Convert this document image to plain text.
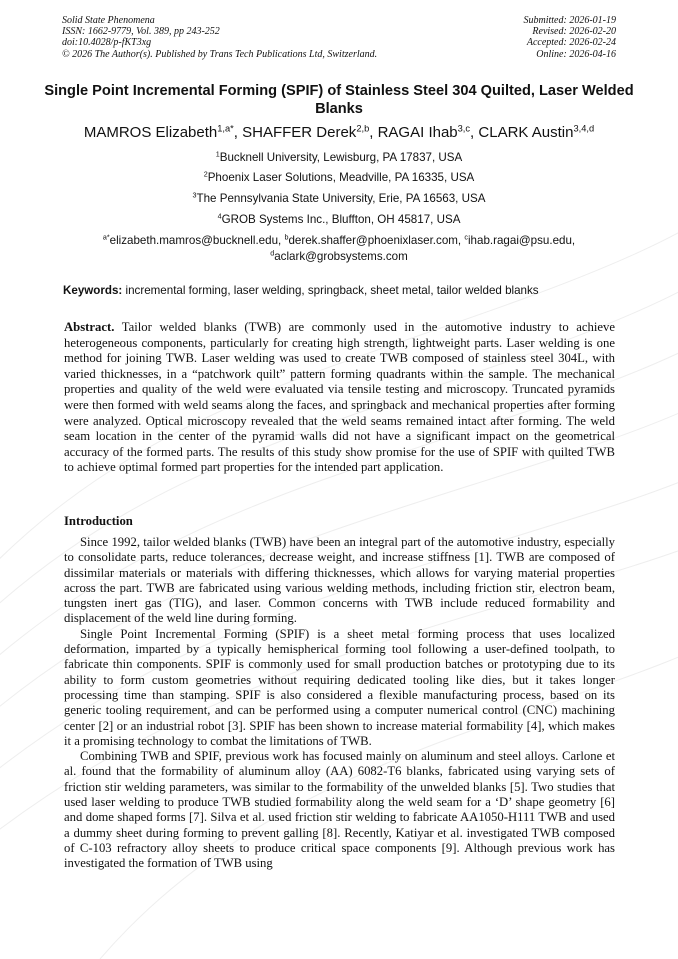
Solid State Phenomena
ISSN: 1662-9779, Vol. 389, pp 243-252
doi:10.4028/p-fKT3xg
© 2026 The Author(s). Published by Trans Tech Publications Ltd, Switzerland.
Submitted: 2026-01-19
Revised: 2026-02-20
Accepted: 2026-02-24
Online: 2026-04-16
Single Point Incremental Forming (SPIF) of Stainless Steel 304 Quilted, Laser Welded Blanks
MAMROS Elizabeth$^{1,a*}$, SHAFFER Derek$^{2,b}$, RAGAI Ihab$^{3,c}$, CLARK Austin$^{3,4,d}$
$^1$Bucknell University, Lewisburg, PA 17837, USA
$^2$Phoenix Laser Solutions, Meadville, PA 16335, USA
$^3$The Pennsylvania State University, Erie, PA 16563, USA
$^4$GROB Systems Inc., Bluffton, OH 45817, USA
$^{a*}$elizabeth.mamros@bucknell.edu, $^b$derek.shaffer@phoenixlaser.com, $^c$ihab.ragai@psu.edu,
$^d$aclark@grobsystems.com
Keywords: incremental forming, laser welding, springback, sheet metal, tailor welded blanks
Abstract. Tailor welded blanks (TWB) are commonly used in the automotive industry to achieve heterogeneous components, particularly for creating high strength, lightweight parts. Laser welding is one method for joining TWB. Laser welding was used to create TWB composed of stainless steel 304L, with varied thicknesses, in a “patchwork quilt” pattern forming quadrants within the sample. The mechanical properties and quality of the weld were evaluated via tensile testing and microscopy. Truncated pyramids were then formed with weld seams along the faces, and springback and mechanical properties after forming were analyzed. Optical microscopy revealed that the weld seams remained intact after forming. The weld seam location in the center of the pyramid walls did not have a significant impact on the geometrical accuracy of the formed parts. The results of this study show promise for the use of SPIF with quilted TWB to achieve optimal formed part properties for the intended part application.
Introduction

Since 1992, tailor welded blanks (TWB) have been an integral part of the automotive industry, especially to consolidate parts, reduce tolerances, decrease weight, and increase stiffness [1]. TWB are composed of dissimilar materials or materials with differing thicknesses, which allows for varying material properties across the part. TWB are fabricated using various welding methods, including friction stir, electron beam, tungsten inert gas (TIG), and laser. Common concerns with TWB include reduced formability and displacement of the weld line during forming.

Single Point Incremental Forming (SPIF) is a sheet metal forming process that uses localized deformation, imparted by a typically hemispherical forming tool following a user-defined toolpath, to fabricate thin components. SPIF is commonly used for small production batches or prototyping due to its ability to form custom geometries without requiring dedicated tooling like dies, but it takes longer processing time than stamping. SPIF is also considered a flexible manufacturing process, based on its generic tooling requirement, and can be performed using a computer numerical control (CNC) machining center [2] or an industrial robot [3]. SPIF has been shown to increase material formability [4], which makes it a promising technology to combat the limitations of TWB.

Combining TWB and SPIF, previous work has focused mainly on aluminum and steel alloys. Carlone et al. found that the formability of aluminum alloy (AA) 6082-T6 blanks, fabricated using varying sets of friction stir welding parameters, was similar to the formability of the unwelded blanks [5]. Two studies that used laser welding to produce TWB studied formability along the weld seam for a ‘D’ shape geometry [6] and dome shaped forms [7]. Silva et al. used friction stir welding to fabricate AA1050-H111 TWB and used a dummy sheet during forming to prevent galling [8]. Recently, Katiyar et al. investigated TWB composed of C-103 refractory alloy sheets to produce critical space components [9]. Although previous work has investigated the formation of TWB using
